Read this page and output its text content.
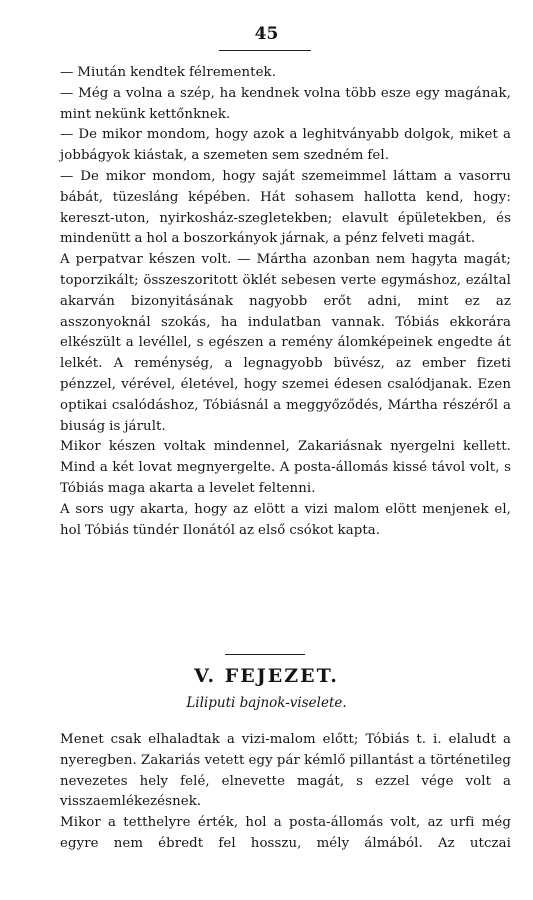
45

— Miután kendtek félrementek.

— Még a volna a szép, ha kendnek volna több esze egy magának, mint nekünk kettőnknek.

— De mikor mondom, hogy azok a leghitványabb dolgok, miket a jobbágyok kiástak, a szemeten sem szedném fel.

— De mikor mondom, hogy saját szemeimmel láttam a vasorru bábát, tüzesláng képében. Hát sohasem hallotta kend, hogy: kereszt-uton, nyirkosház-szegletekben; elavult épületekben, és mindenütt a hol a boszorkányok járnak, a pénz felveti magát.

A perpatvar készen volt. — Mártha azonban nem hagyta magát; toporzikált; összeszoritott öklét sebesen verte egymáshoz, ezáltal akarván bizonyitásának nagyobb erőt adni, mint ez az asszonyoknál szokás, ha indulatban vannak. Tóbiás ekkorára elkészült a levéllel, s egészen a remény álomképeinek engedte át lelkét. A reménység, a legnagyobb büvész, az ember fizeti pénzzel, vérével, életével, hogy szemei édesen csalódjanak. Ezen optikai csalódáshoz, Tóbiásnál a meggyőződés, Mártha részéről a biuság is járult.

Mikor készen voltak mindennel, Zakariásnak nyergelni kellett. Mind a két lovat megnyergelte. A posta-állomás kissé távol volt, s Tóbiás maga akarta a levelet feltenni.

A sors ugy akarta, hogy az elött a vizi malom elött menjenek el, hol Tóbiás tündér Ilonától az első csókot kapta.

V. FEJEZET.
Liliputi bajnok-viselete.

Menet csak elhaladtak a vizi-malom előtt; Tóbiás t. i. elaludt a nyeregben. Zakariás vetett egy pár kémlő pillantást a történetileg nevezetes hely felé, elnevette magát, s ezzel vége volt a visszaemlékezésnek.

Mikor a tetthelyre érték, hol a posta-állomás volt, az urfi még egyre nem ébredt fel hosszu, mély álmából. Az utczai
